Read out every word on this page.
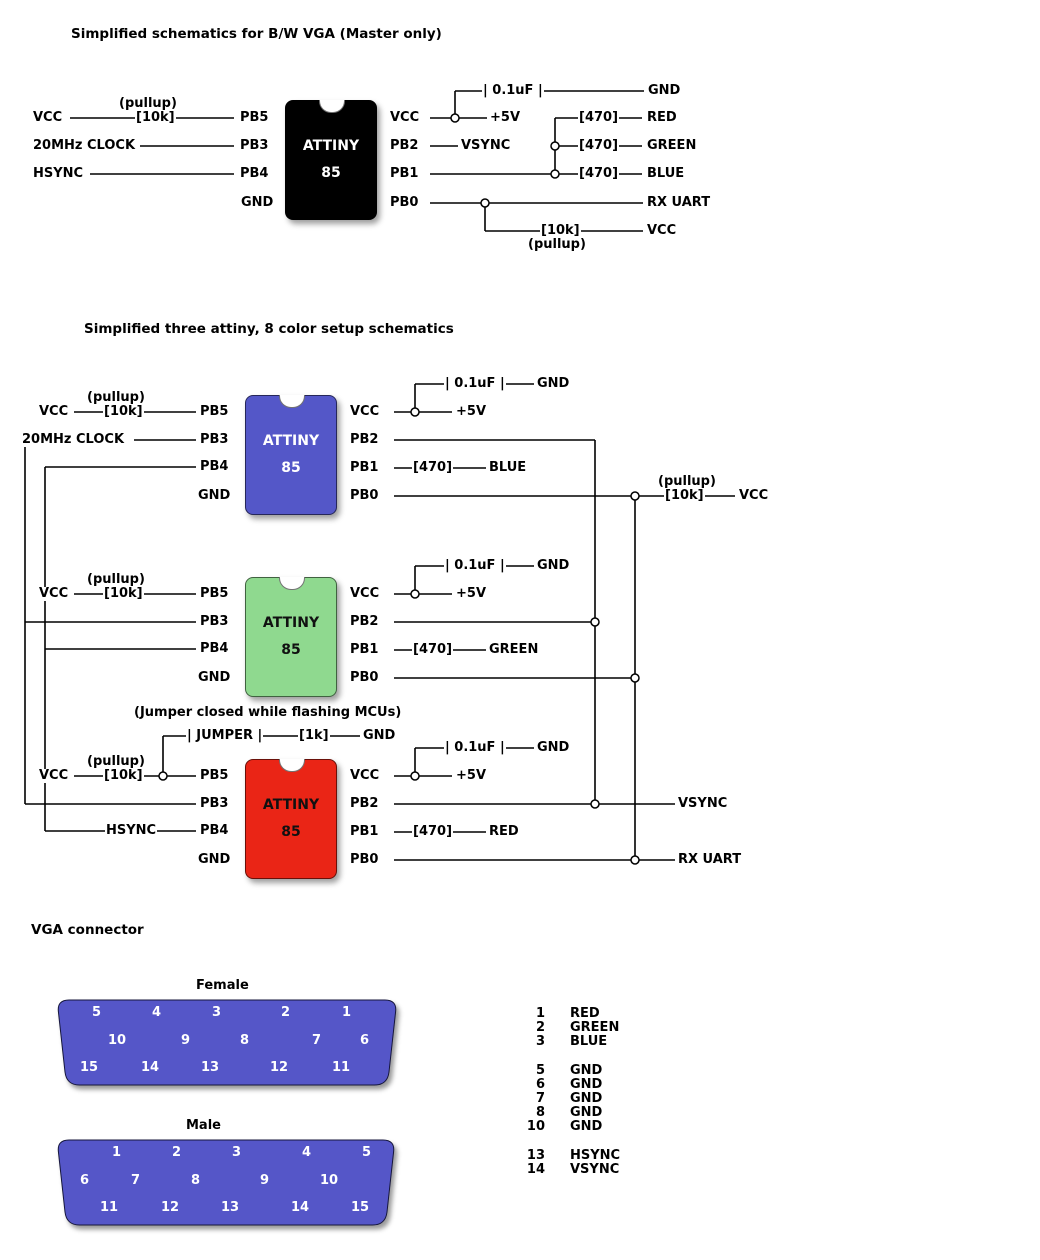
Simplified schematics for B/W VGA (Master only)
VCC
(pullup)
[10k]	PB5
20MHz CLOCK	PB3
HSYNC	PB4
GND
ATTINY
85
VCC
| 0.1uF |	GND
+5V
PB2	VSYNC
[470] RED
PB1
[470] GREEN
[470] BLUE
PB0	RX UART
[10k]	VCC
(pullup)
Simplified three attiny, 8 color setup schematics
(pullup)
VCC	[10k]	PB5
20MHz CLOCK	PB3
PB4
GND
ATTINY
85
VCC
| 0.1uF | GND
+5V
PB2
PB1	[470]	BLUE
PB0
(pullup)
[10k]	VCC
(pullup)
VCC	[10k]	PB5
PB3
PB4
GND
ATTINY
85
VCC
| 0.1uF | GND
+5V
PB2
PB1	[470]	GREEN
PB0
(Jumper closed while flashing MCUs)
| JUMPER |	[1k]	GND
(pullup)
VCC	[10k]	PB5
PB3
HSYNC	PB4
GND
ATTINY
85
VCC
| 0.1uF | GND
+5V
PB2	VSYNC
PB1	[470]	RED
PB0	RX UART
VGA connector
Female
Male
5	4	3	2	1
10	9	8	7	6
15	14	13	12	11
1	2	3	4	5
6	7	8	9	10
11	12	13	14	15
1 RED
2 GREEN
3 BLUE
5 GND
6 GND
7 GND
8 GND
10 GND
13 HSYNC
14 VSYNC
